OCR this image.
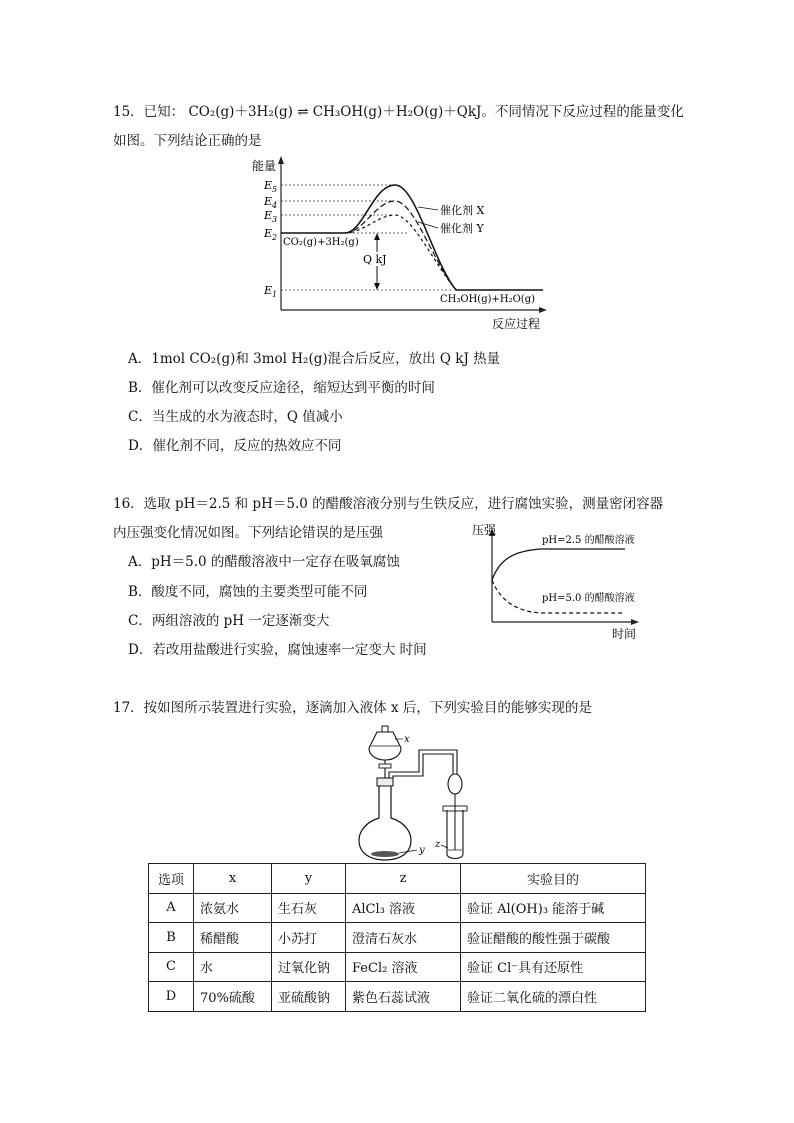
15．已知： CO₂(g)＋3H₂(g) ⇌ CH₃OH(g)＋H₂O(g)＋QkJ。不同情况下反应过程的能量变化
如图。下列结论正确的是
能量
反应过程
$E_5$
$E_4$
$E_3$
$E_2$
$E_1$
Q kJ
CO₂(g)+3H₂(g)
CH₃OH(g)+H₂O(g)
催化剂 X
催化剂 Y
A．1mol CO₂(g)和 3mol H₂(g)混合后反应，放出 Q kJ 热量
B．催化剂可以改变反应途径，缩短达到平衡的时间
C．当生成的水为液态时，Q 值减小
D．催化剂不同，反应的热效应不同
16．选取 pH＝2.5 和 pH＝5.0 的醋酸溶液分别与生铁反应，进行腐蚀实验，测量密闭容器
内压强变化情况如图。下列结论错误的是压强	压强
时间
pH=2.5 的醋酸溶液
pH=5.0 的醋酸溶液
A．pH＝5.0 的醋酸溶液中一定存在吸氧腐蚀
B．酸度不同，腐蚀的主要类型可能不同
C．两组溶液的 pH 一定逐渐变大
D．若改用盐酸进行实验，腐蚀速率一定变大 时间
17．按如图所示装置进行实验，逐滴加入液体 x 后，下列实验目的能够实现的是
x
y
z
选项	x	y	z	实验目的
A	浓氨水	生石灰	AlCl₃ 溶液	验证 Al(OH)₃ 能溶于碱
B	稀醋酸	小苏打	澄清石灰水	验证醋酸的酸性强于碳酸
C	水	过氧化钠	FeCl₂ 溶液	验证 Cl⁻具有还原性
D	70%硫酸	亚硫酸钠	紫色石蕊试液	验证二氧化硫的漂白性
